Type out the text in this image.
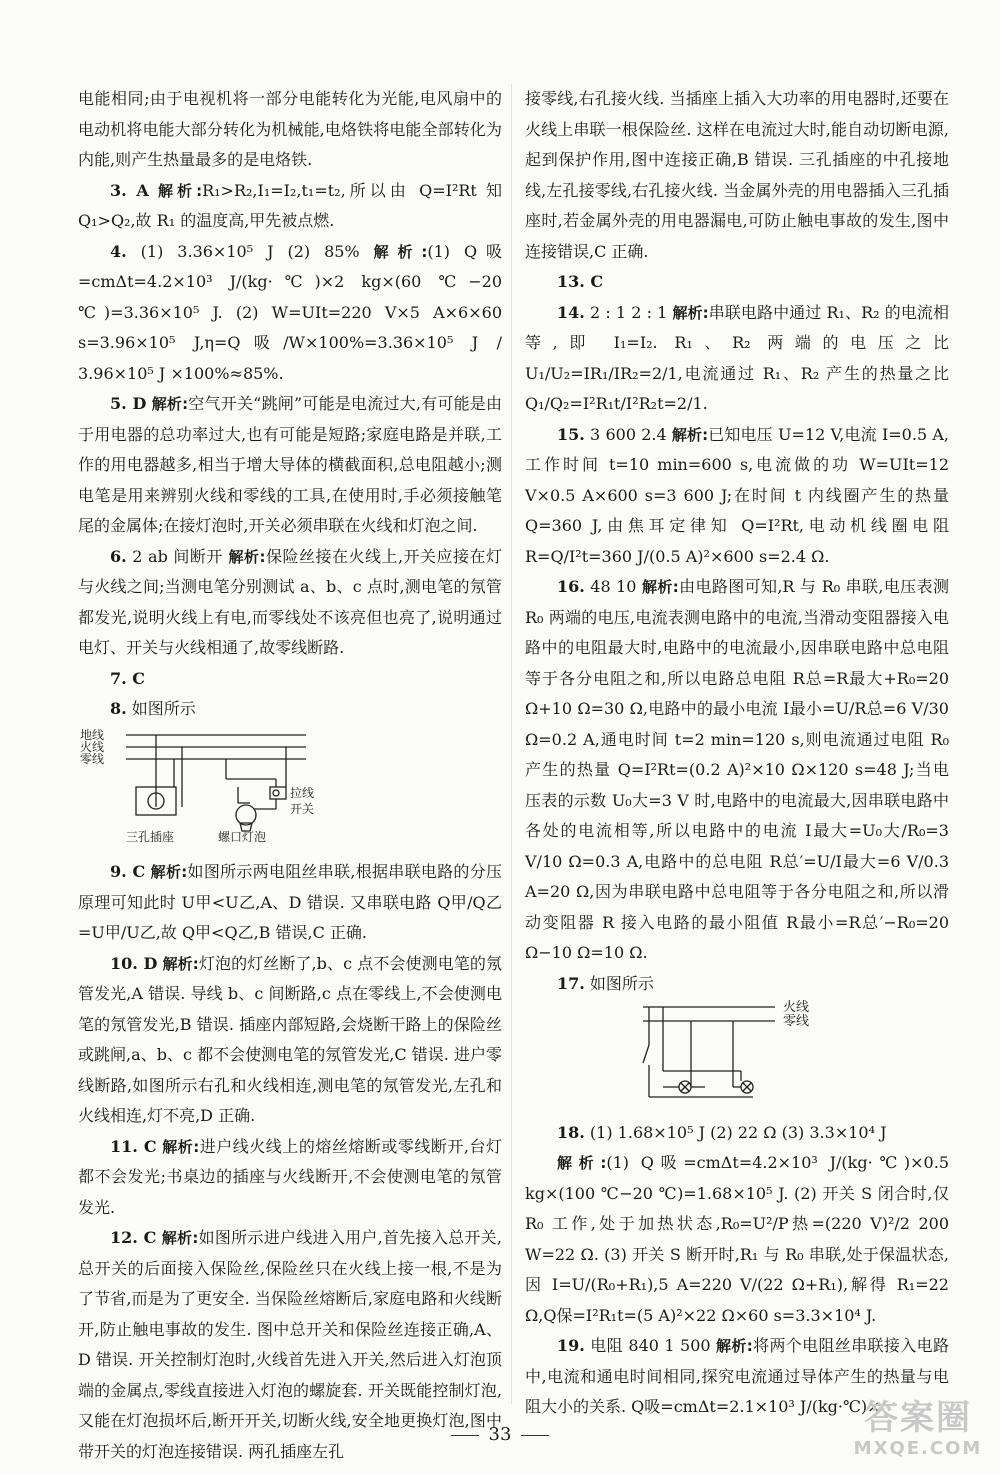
电能相同;由于电视机将一部分电能转化为光能,电风扇中的电动机将电能大部分转化为机械能,电烙铁将电能全部转化为内能,则产生热量最多的是电烙铁.

3. A 解析:R₁>R₂,I₁=I₂,t₁=t₂,所以由 Q=I²Rt 知 Q₁>Q₂,故 R₁ 的温度高,甲先被点燃.

4. (1) 3.36×10⁵ J (2) 85% 解析:(1) Q吸=cmΔt=4.2×10³ J/(kg·℃)×2 kg×(60 ℃−20 ℃)=3.36×10⁵ J. (2) W=UIt=220 V×5 A×6×60 s=3.96×10⁵ J,η=Q吸/W×100%=3.36×10⁵ J / 3.96×10⁵ J ×100%≈85%.

5. D 解析:空气开关“跳闸”可能是电流过大,有可能是由于用电器的总功率过大,也有可能是短路;家庭电路是并联,工作的用电器越多,相当于增大导体的横截面积,总电阻越小;测电笔是用来辨别火线和零线的工具,在使用时,手必须接触笔尾的金属体;在接灯泡时,开关必须串联在火线和灯泡之间.

6. 2 ab 间断开 解析:保险丝接在火线上,开关应接在灯与火线之间;当测电笔分别测试 a、b、c 点时,测电笔的氖管都发光,说明火线上有电,而零线处不该亮但也亮了,说明通过电灯、开关与火线相通了,故零线断路.

7. C

8. 如图所示

地线
火线
零线
拉线
开关
三孔插座	螺口灯泡

9. C 解析:如图所示两电阻丝串联,根据串联电路的分压原理可知此时 U甲<U乙,A、D 错误. 又串联电路 Q甲/Q乙=U甲/U乙,故 Q甲<Q乙,B 错误,C 正确.

10. D 解析:灯泡的灯丝断了,b、c 点不会使测电笔的氖管发光,A 错误. 导线 b、c 间断路,c 点在零线上,不会使测电笔的氖管发光,B 错误. 插座内部短路,会烧断干路上的保险丝或跳闸,a、b、c 都不会使测电笔的氖管发光,C 错误. 进户零线断路,如图所示右孔和火线相连,测电笔的氖管发光,左孔和火线相连,灯不亮,D 正确.

11. C 解析:进户线火线上的熔丝熔断或零线断开,台灯都不会发光;书桌边的插座与火线断开,不会使测电笔的氖管发光.

12. C 解析:如图所示进户线进入用户,首先接入总开关,总开关的后面接入保险丝,保险丝只在火线上接一根,不是为了节省,而是为了更安全. 当保险丝熔断后,家庭电路和火线断开,防止触电事故的发生. 图中总开关和保险丝连接正确,A、D 错误. 开关控制灯泡时,火线首先进入开关,然后进入灯泡顶端的金属点,零线直接进入灯泡的螺旋套. 开关既能控制灯泡,又能在灯泡损坏后,断开开关,切断火线,安全地更换灯泡,图中带开关的灯泡连接错误. 两孔插座左孔

接零线,右孔接火线. 当插座上插入大功率的用电器时,还要在火线上串联一根保险丝. 这样在电流过大时,能自动切断电源,起到保护作用,图中连接正确,B 错误. 三孔插座的中孔接地线,左孔接零线,右孔接火线. 当金属外壳的用电器插入三孔插座时,若金属外壳的用电器漏电,可防止触电事故的发生,图中连接错误,C 正确.

13. C

14. 2 : 1 2 : 1 解析:串联电路中通过 R₁、R₂ 的电流相等,即 I₁=I₂. R₁、R₂ 两端的电压之比 U₁/U₂=IR₁/IR₂=2/1,电流通过 R₁、R₂ 产生的热量之比 Q₁/Q₂=I²R₁t/I²R₂t=2/1.

15. 3 600 2.4 解析:已知电压 U=12 V,电流 I=0.5 A,工作时间 t=10 min=600 s,电流做的功 W=UIt=12 V×0.5 A×600 s=3 600 J;在时间 t 内线圈产生的热量 Q=360 J,由焦耳定律知 Q=I²Rt,电动机线圈电阻 R=Q/I²t=360 J/(0.5 A)²×600 s=2.4 Ω.

16. 48 10 解析:由电路图可知,R 与 R₀ 串联,电压表测 R₀ 两端的电压,电流表测电路中的电流,当滑动变阻器接入电路中的电阻最大时,电路中的电流最小,因串联电路中总电阻等于各分电阻之和,所以电路总电阻 R总=R最大+R₀=20 Ω+10 Ω=30 Ω,电路中的最小电流 I最小=U/R总=6 V/30 Ω=0.2 A,通电时间 t=2 min=120 s,则电流通过电阻 R₀ 产生的热量 Q=I²Rt=(0.2 A)²×10 Ω×120 s=48 J;当电压表的示数 U₀大=3 V 时,电路中的电流最大,因串联电路中各处的电流相等,所以电路中的电流 I最大=U₀大/R₀=3 V/10 Ω=0.3 A,电路中的总电阻 R总′=U/I最大=6 V/0.3 A=20 Ω,因为串联电路中总电阻等于各分电阻之和,所以滑动变阻器 R 接入电路的最小阻值 R最小=R总′−R₀=20 Ω−10 Ω=10 Ω.

17. 如图所示

火线
零线

18. (1) 1.68×10⁵ J (2) 22 Ω (3) 3.3×10⁴ J

解析:(1) Q吸=cmΔt=4.2×10³ J/(kg·℃)×0.5 kg×(100 ℃−20 ℃)=1.68×10⁵ J. (2) 开关 S 闭合时,仅 R₀ 工作,处于加热状态,R₀=U²/P热=(220 V)²/2 200 W=22 Ω. (3) 开关 S 断开时,R₁ 与 R₀ 串联,处于保温状态,因 I=U/(R₀+R₁),5 A=220 V/(22 Ω+R₁),解得 R₁=22 Ω,Q保=I²R₁t=(5 A)²×22 Ω×60 s=3.3×10⁴ J.

19. 电阻 840 1 500 解析:将两个电阻丝串联接入电路中,电流和通电时间相同,探究电流通过导体产生的热量与电阻大小的关系. Q吸=cmΔt=2.1×10³ J/(kg·℃)×

33	答案圈
MXQE.COM
